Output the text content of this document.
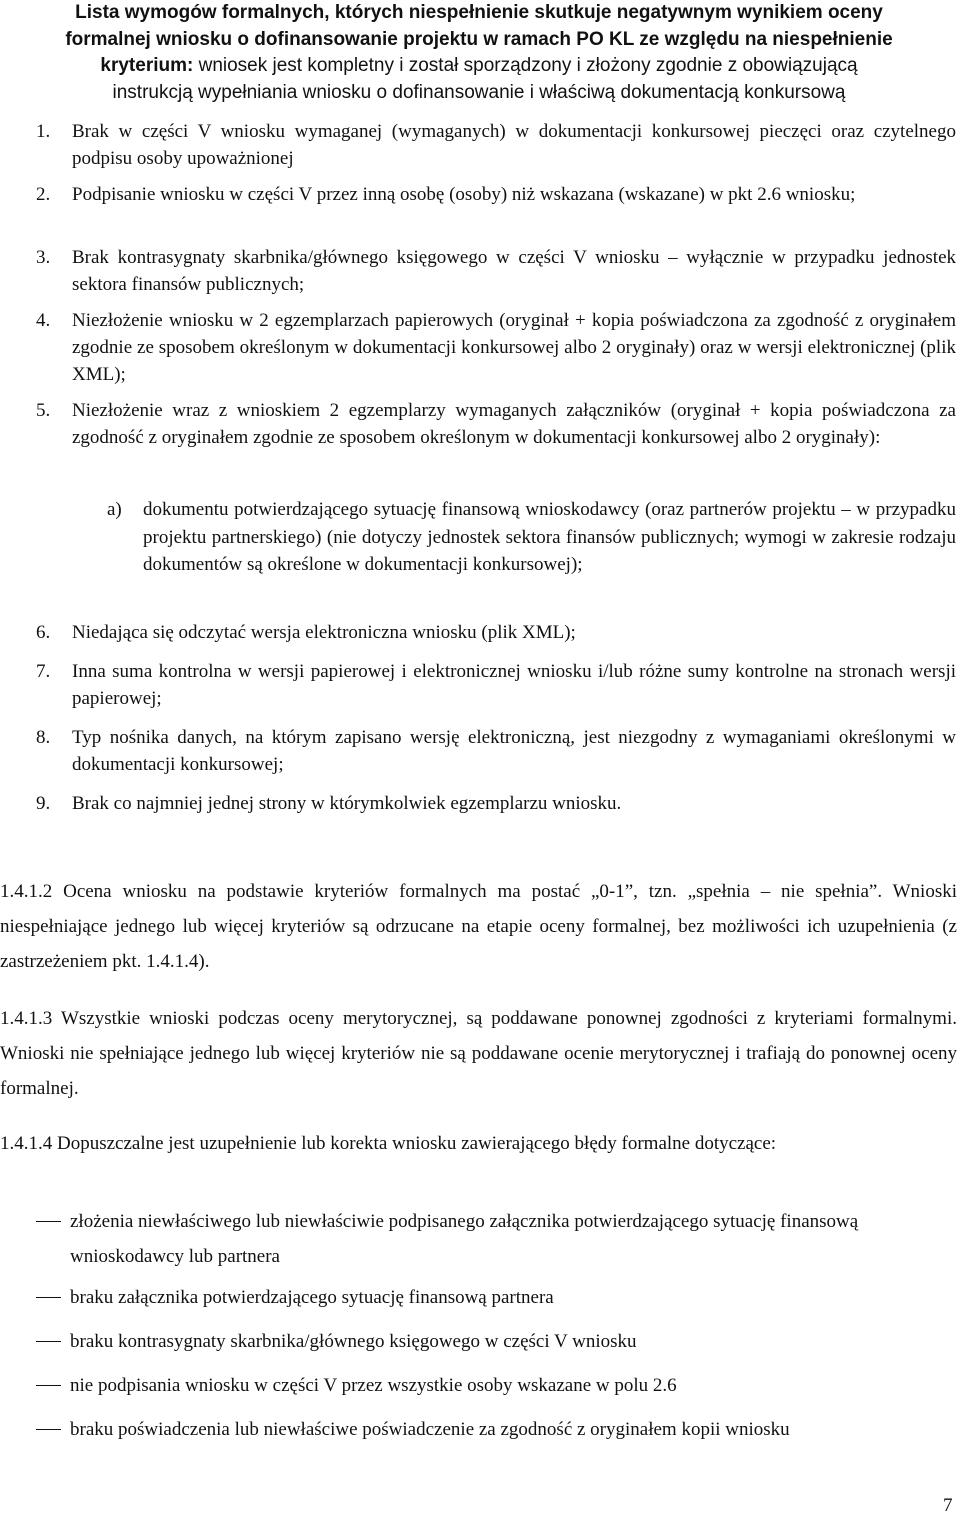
Lista wymogów formalnych, których niespełnienie skutkuje negatywnym wynikiem oceny
formalnej wniosku o dofinansowanie projektu w ramach PO KL ze względu na niespełnienie
kryterium: wniosek jest kompletny i został sporządzony i złożony zgodnie z obowiązującą
instrukcją wypełniania wniosku o dofinansowanie i właściwą dokumentacją konkursową
1. Brak w części V wniosku wymaganej (wymaganych) w dokumentacji konkursowej pieczęci oraz czytelnego podpisu osoby upoważnionej
2. Podpisanie wniosku w części V przez inną osobę (osoby) niż wskazana (wskazane) w pkt 2.6 wniosku;
3. Brak kontrasygnaty skarbnika/głównego księgowego w części V wniosku – wyłącznie w przypadku jednostek sektora finansów publicznych;
4. Niezłożenie wniosku w 2 egzemplarzach papierowych (oryginał + kopia poświadczona za zgodność z oryginałem zgodnie ze sposobem określonym w dokumentacji konkursowej albo 2 oryginały) oraz w wersji elektronicznej (plik XML);
5. Niezłożenie wraz z wnioskiem 2 egzemplarzy wymaganych załączników (oryginał + kopia poświadczona za zgodność z oryginałem zgodnie ze sposobem określonym w dokumentacji konkursowej albo 2 oryginały):
a) dokumentu potwierdzającego sytuację finansową wnioskodawcy (oraz partnerów projektu – w przypadku projektu partnerskiego) (nie dotyczy jednostek sektora finansów publicznych; wymogi w zakresie rodzaju dokumentów są określone w dokumentacji konkursowej);
6. Niedająca się odczytać wersja elektroniczna wniosku (plik XML);
7. Inna suma kontrolna w wersji papierowej i elektronicznej wniosku i/lub różne sumy kontrolne na stronach wersji papierowej;
8. Typ nośnika danych, na którym zapisano wersję elektroniczną, jest niezgodny z wymaganiami określonymi w dokumentacji konkursowej;
9. Brak co najmniej jednej strony w którymkolwiek egzemplarzu wniosku.

1.4.1.2 Ocena wniosku na podstawie kryteriów formalnych ma postać „0-1”, tzn. „spełnia – nie spełnia”. Wnioski niespełniające jednego lub więcej kryteriów są odrzucane na etapie oceny formalnej, bez możliwości ich uzupełnienia (z zastrzeżeniem pkt. 1.4.1.4).

1.4.1.3 Wszystkie wnioski podczas oceny merytorycznej, są poddawane ponownej zgodności z kryteriami formalnymi. Wnioski nie spełniające jednego lub więcej kryteriów nie są poddawane ocenie merytorycznej i trafiają do ponownej oceny formalnej.

1.4.1.4 Dopuszczalne jest uzupełnienie lub korekta wniosku zawierającego błędy formalne dotyczące:

złożenia niewłaściwego lub niewłaściwie podpisanego załącznika potwierdzającego sytuację finansową wnioskodawcy lub partnera
braku załącznika potwierdzającego sytuację finansową partnera
braku kontrasygnaty skarbnika/głównego księgowego w części V wniosku
nie podpisania wniosku w części V przez wszystkie osoby wskazane w polu 2.6
braku poświadczenia lub niewłaściwe poświadczenie za zgodność z oryginałem kopii wniosku
7
